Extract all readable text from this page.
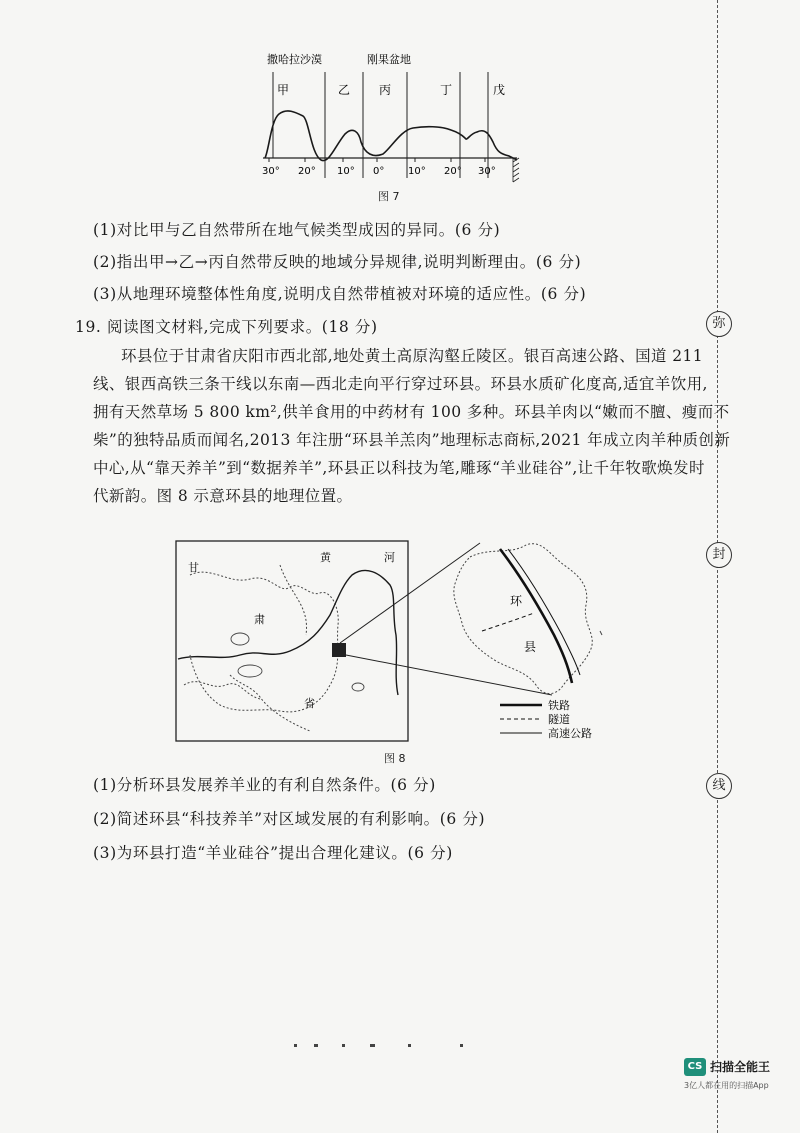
弥
封
线
撒哈拉沙漠	刚果盆地
甲	乙 丙	丁	戊
30° 20° 10° 0° 10° 20° 30°
图 7
(1)对比甲与乙自然带所在地气候类型成因的异同。(6 分)
(2)指出甲→乙→丙自然带反映的地域分异规律,说明判断理由。(6 分)
(3)从地理环境整体性角度,说明戊自然带植被对环境的适应性。(6 分)
19. 阅读图文材料,完成下列要求。(18 分)
环县位于甘肃省庆阳市西北部,地处黄土高原沟壑丘陵区。银百高速公路、国道 211
线、银西高铁三条干线以东南—西北走向平行穿过环县。环县水质矿化度高,适宜羊饮用,
拥有天然草场 5 800 km²,供羊食用的中药材有 100 多种。环县羊肉以“嫩而不膻、瘦而不
柴”的独特品质而闻名,2013 年注册“环县羊羔肉”地理标志商标,2021 年成立肉羊种质创新
中心,从“靠天养羊”到“数据养羊”,环县正以科技为笔,雕琢“羊业硅谷”,让千年牧歌焕发时
代新韵。图 8 示意环县的地理位置。
甘
肃
省
黄	河
环
县
铁路
隧道
高速公路
图 8
(1)分析环县发展养羊业的有利自然条件。(6 分)
(2)简述环县“科技养羊”对区域发展的有利影响。(6 分)
(3)为环县打造“羊业硅谷”提出合理化建议。(6 分)
CS 扫描全能王
3亿人都在用的扫描App
